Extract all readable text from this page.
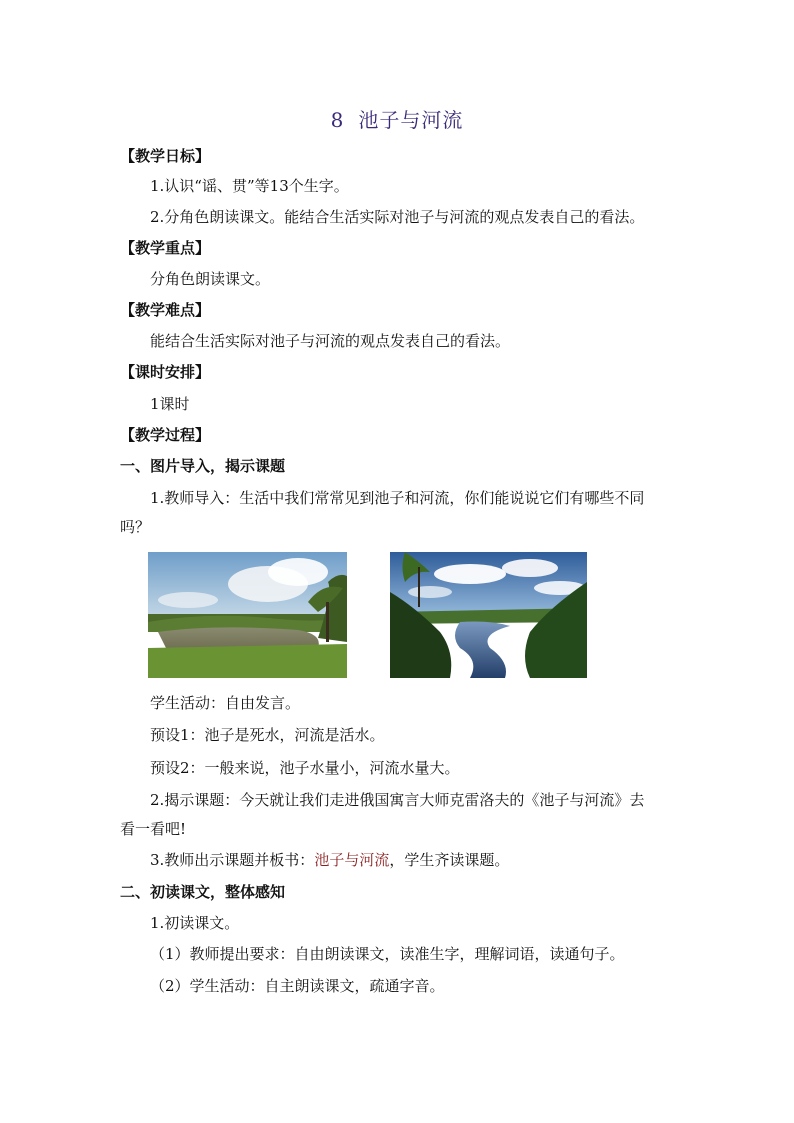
8 池子与河流
【教学日标】
1.认识“谣、贯”等13个生字。
2.分角色朗读课文。能结合生活实际对池子与河流的观点发表自己的看法。
【教学重点】
分角色朗读课文。
【教学难点】
能结合生活实际对池子与河流的观点发表自己的看法。
【课时安排】
1课时
【教学过程】
一、图片导入，揭示课题
1.教师导入：生活中我们常常见到池子和河流，你们能说说它们有哪些不同
吗？
学生活动：自由发言。
预设1：池子是死水，河流是活水。
预设2：一般来说，池子水量小，河流水量大。
2.揭示课题：今天就让我们走进俄国寓言大师克雷洛夫的《池子与河流》去
看一看吧!
3.教师出示课题并板书：池子与河流，学生齐读课题。
二、初读课文，整体感知
1.初读课文。
（1）教师提出要求：自由朗读课文，读准生字，理解词语，读通句子。
（2）学生活动：自主朗读课文，疏通字音。
